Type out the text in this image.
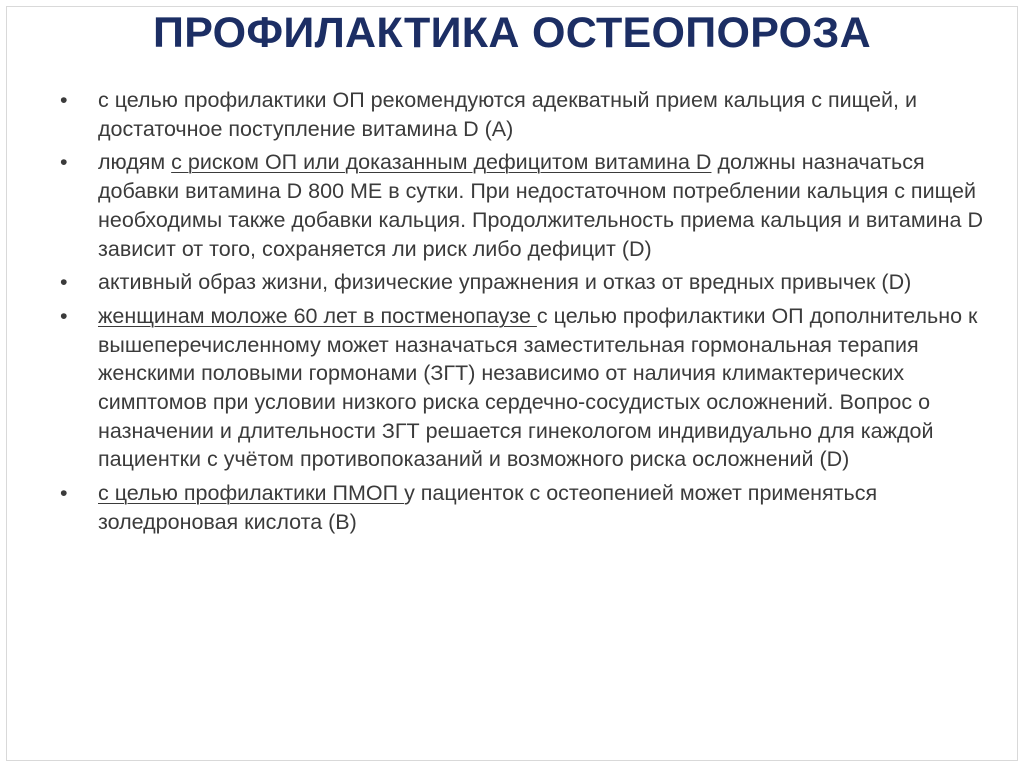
ПРОФИЛАКТИКА ОСТЕОПОРОЗА
•	с целью профилактики ОП рекомендуются адекватный прием кальция с пищей, и достаточное поступление витамина D (A)
•	людям с риском ОП или доказанным дефицитом витамина D должны назначаться добавки витамина D 800 МЕ в сутки. При недостаточном потреблении кальция с пищей необходимы также добавки кальция. Продолжительность приема кальция и витамина D зависит от того, сохраняется ли риск либо дефицит (D)
•	активный образ жизни, физические упражнения и отказ от вредных привычек (D)
•	женщинам моложе 60 лет в постменопаузе с целью профилактики ОП дополнительно к вышеперечисленному может назначаться заместительная гормональная терапия женскими половыми гормонами (ЗГТ) независимо от наличия климактерических симптомов при условии низкого риска сердечно-сосудистых осложнений. Вопрос о назначении и длительности ЗГТ решается гинекологом индивидуально для каждой пациентки с учётом противопоказаний и возможного риска осложнений (D)
•	с целью профилактики ПМОП у пациенток с остеопенией может применяться золедроновая кислота (В)
